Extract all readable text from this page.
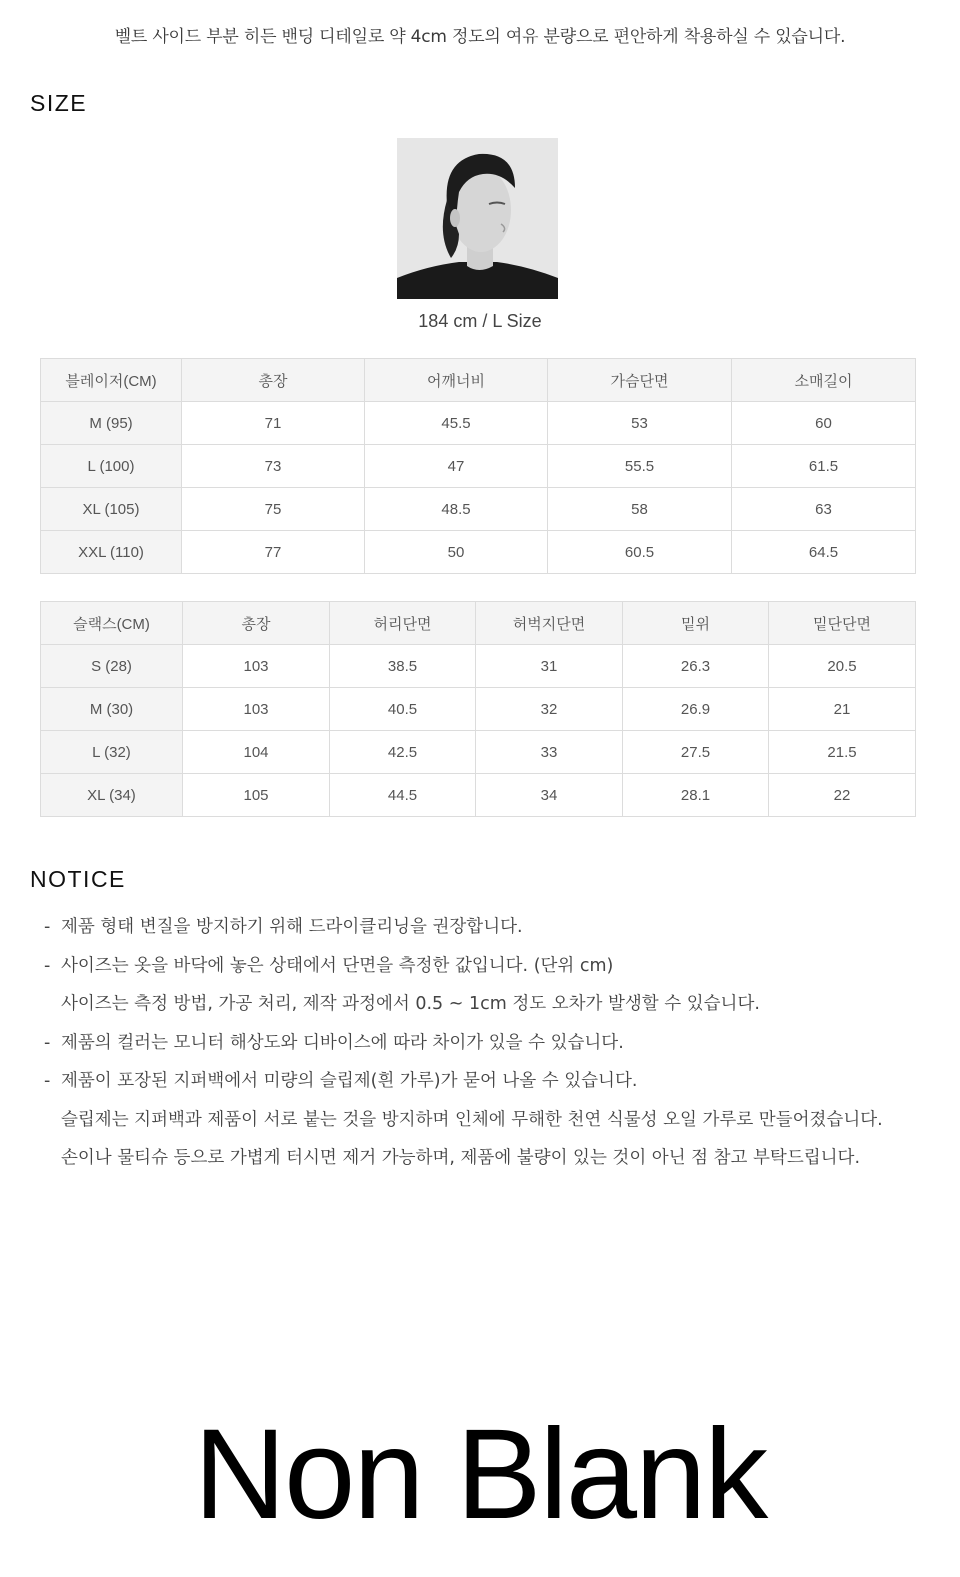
벨트 사이드 부분 히든 밴딩 디테일로 약 4cm 정도의 여유 분량으로 편안하게 착용하실 수 있습니다.

SIZE

184 cm / L Size

블레이저(CM)	총장	어깨너비	가슴단면	소매길이
M (95)	71	45.5	53	60
L (100)	73	47	55.5	61.5
XL (105)	75	48.5	58	63
XXL (110)	77	50	60.5	64.5
슬랙스(CM)	총장	허리단면	허벅지단면	밑위	밑단단면
S (28)	103	38.5	31	26.3	20.5
M (30)	103	40.5	32	26.9	21
L (32)	104	42.5	33	27.5	21.5
XL (34)	105	44.5	34	28.1	22
NOTICE
- 제품 형태 변질을 방지하기 위해 드라이클리닝을 권장합니다.
- 사이즈는 옷을 바닥에 놓은 상태에서 단면을 측정한 값입니다. (단위 cm)
사이즈는 측정 방법, 가공 처리, 제작 과정에서 0.5 ~ 1cm 정도 오차가 발생할 수 있습니다.
- 제품의 컬러는 모니터 해상도와 디바이스에 따라 차이가 있을 수 있습니다.
- 제품이 포장된 지퍼백에서 미량의 슬립제(흰 가루)가 묻어 나올 수 있습니다.
슬립제는 지퍼백과 제품이 서로 붙는 것을 방지하며 인체에 무해한 천연 식물성 오일 가루로 만들어졌습니다.
손이나 물티슈 등으로 가볍게 터시면 제거 가능하며, 제품에 불량이 있는 것이 아닌 점 참고 부탁드립니다.
Non Blank
